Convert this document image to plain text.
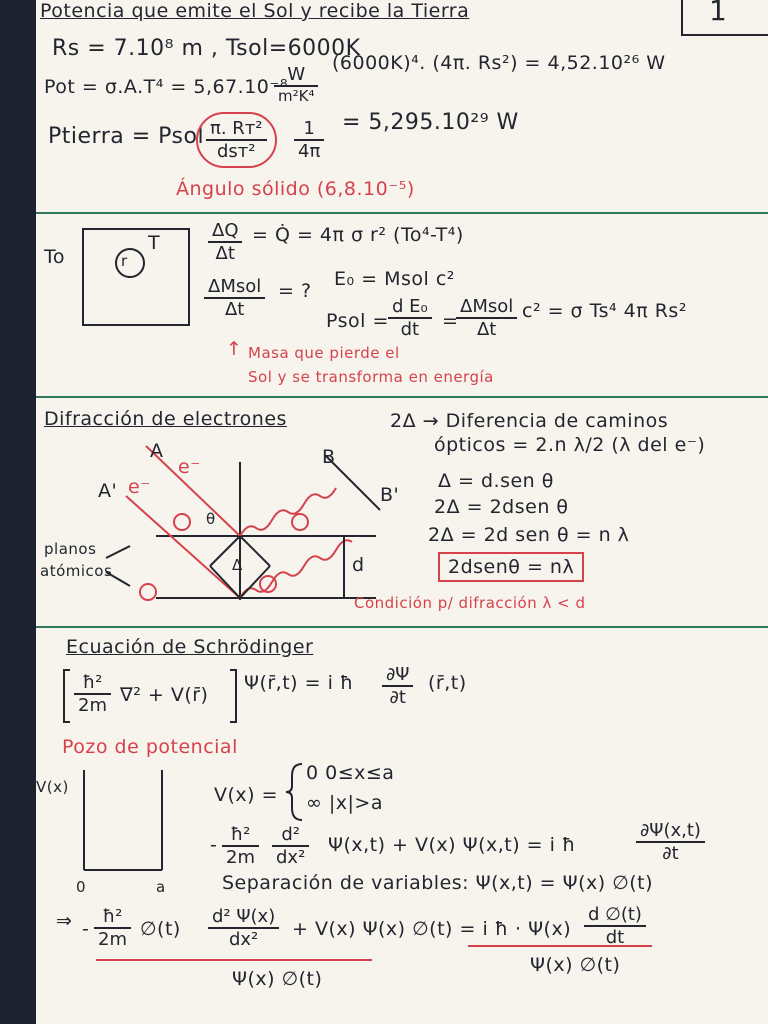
1
Potencia que emite el Sol y recibe la Tierra
Rs = 7.10⁸ m , Tsol=6000K
Pot = σ.A.T⁴ = 5,67.10⁻⁸
W
m²K⁴
(6000K)⁴. (4π. Rs²) = 4,52.10²⁶ W
Ptierra = Psol π. Rт²
dsт²	$\frac{1}{4\pi} = 5,295.10^{29}$ W
Ángulo sólido (6,8.10⁻⁵)
To	r
T	$\frac{\Delta Q}{\Delta t}$ = Q̇ = 4π σ r² (To⁴-T⁴)
ΔMsol
Δt
= ?
E₀ = Msol c²
Psol = $\frac{\text{d E₀}}{dt}$ =
ΔMsol
Δt
c² = σ Ts⁴ 4π Rs²
↑ Masa que pierde el
Sol y se transforma en energía
Difracción de electrones	2Δ → Diferencia de caminos
ópticos = 2.n λ/2 (λ del e⁻)
Δ = d.sen θ
2Δ = 2dsen θ
2Δ = 2d sen θ = n λ
2dsenθ = nλ
A
A'
B
B'
e⁻
e⁻
planos
atómicos	d
θ
Δ
Condición p/ difracción λ < d
Ecuación de Schrödinger
$\frac{\text{ħ²}}{2m} \nabla^2$ + V(r̄)
Ψ(r̄,t) = i ħ $\frac{\partial\Psi}{\partial t}$ (r̄,t)
Pozo de potencial
V(x)
0	a
V(x) =
0 0≤x≤a
∞ |x|>a
- $\frac{\text{ħ²}}{2m} \frac{\text{d²}}{\text{dx²}} \Psi(x,t) + V(x) \Psi(x,t) = i$ ħ	$\frac{\partial\Psi(x,t)}{\partial t}$
Separación de variables: Ψ(x,t) = Ψ(x) ∅(t)
⇒ - $\frac{\text{ħ²}}{2m}$ ∅(t) $\frac{\text{d² Ψ(x)}}{\text{dx²}} + V(x)$ Ψ(x) ∅(t) = i ħ · $\Psi(x) \frac{d \emptyset(t)}{dt}$
Ψ(x) ∅(t)
Ψ(x) ∅(t)
